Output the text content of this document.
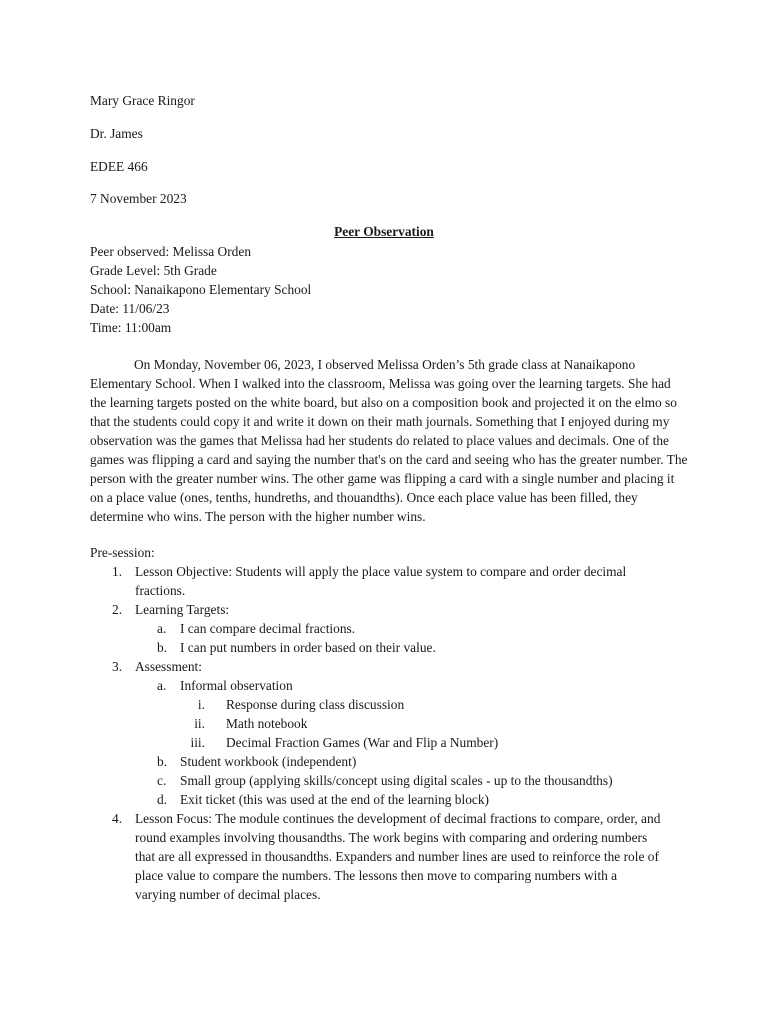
Mary Grace Ringor
Dr. James
EDEE 466
7 November 2023
Peer Observation
Peer observed: Melissa Orden
Grade Level: 5th Grade
School: Nanaikapono Elementary School
Date: 11/06/23
Time: 11:00am

On Monday, November 06, 2023, I observed Melissa Orden’s 5th grade class at Nanaikapono Elementary School. When I walked into the classroom, Melissa was going over the learning targets. She had the learning targets posted on the white board, but also on a composition book and projected it on the elmo so that the students could copy it and write it down on their math journals. Something that I enjoyed during my observation was the games that Melissa had her students do related to place values and decimals. One of the games was flipping a card and saying the number that's on the card and seeing who has the greater number. The person with the greater number wins. The other game was flipping a card with a single number and placing it on a place value (ones, tenths, hundreths, and thouandths). Once each place value has been filled, they determine who wins. The person with the higher number wins.

Pre-session:
1. Lesson Objective: Students will apply the place value system to compare and order decimal
fractions.
2. Learning Targets:
a. I can compare decimal fractions.
b. I can put numbers in order based on their value.
3. Assessment:
a. Informal observation
i. Response during class discussion
ii. Math notebook
iii. Decimal Fraction Games (War and Flip a Number)
b. Student workbook (independent)
c. Small group (applying skills/concept using digital scales - up to the thousandths)
d. Exit ticket (this was used at the end of the learning block)
4. Lesson Focus: The module continues the development of decimal fractions to compare, order, and
round examples involving thousandths. The work begins with comparing and ordering numbers
that are all expressed in thousandths. Expanders and number lines are used to reinforce the role of
place value to compare the numbers. The lessons then move to comparing numbers with a
varying number of decimal places.
